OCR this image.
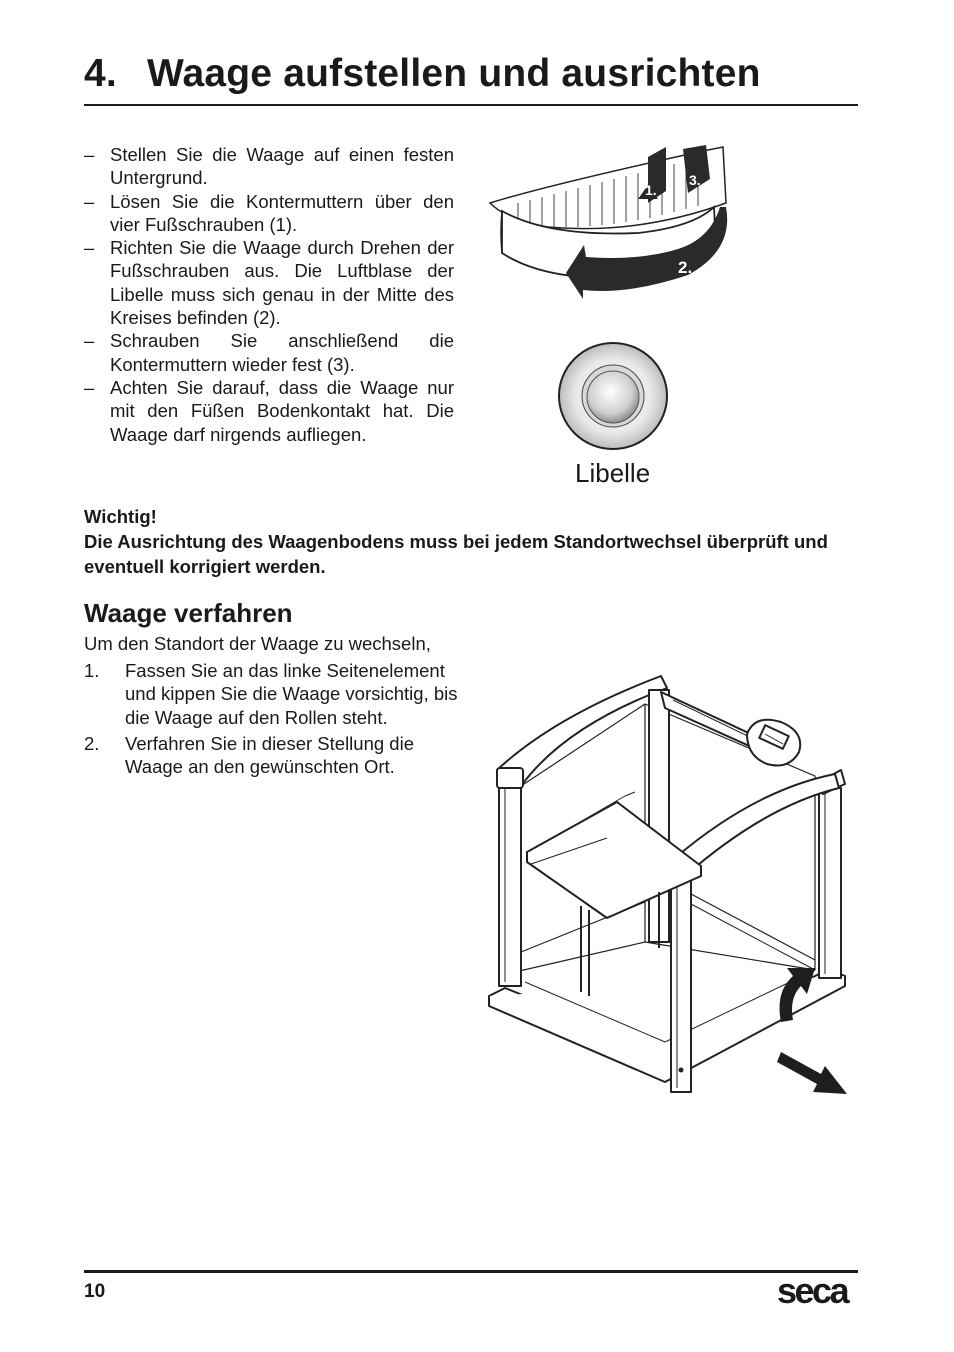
4. Waage aufstellen und ausrichten
– Stellen Sie die Waage auf einen festen Untergrund.
– Lösen Sie die Kontermuttern über den vier Fußschrauben (1).
– Richten Sie die Waage durch Drehen der Fußschrauben aus. Die Luftblase der Libelle muss sich genau in der Mitte des Kreises befinden (2).
– Schrauben Sie anschließend die Kontermuttern wieder fest (3).
– Achten Sie darauf, dass die Waage nur mit den Füßen Bodenkontakt hat. Die Waage darf nirgends aufliegen.
1.
3.
2.
Libelle
Wichtig!
Die Ausrichtung des Waagenbodens muss bei jedem Standortwechsel überprüft und eventuell korrigiert werden.
Waage verfahren
Um den Standort der Waage zu wechseln,
1. Fassen Sie an das linke Seitenelement und kippen Sie die Waage vorsichtig, bis die Waage auf den Rollen steht.
2. Verfahren Sie in dieser Stellung die Waage an den gewünschten Ort.
10	seca
